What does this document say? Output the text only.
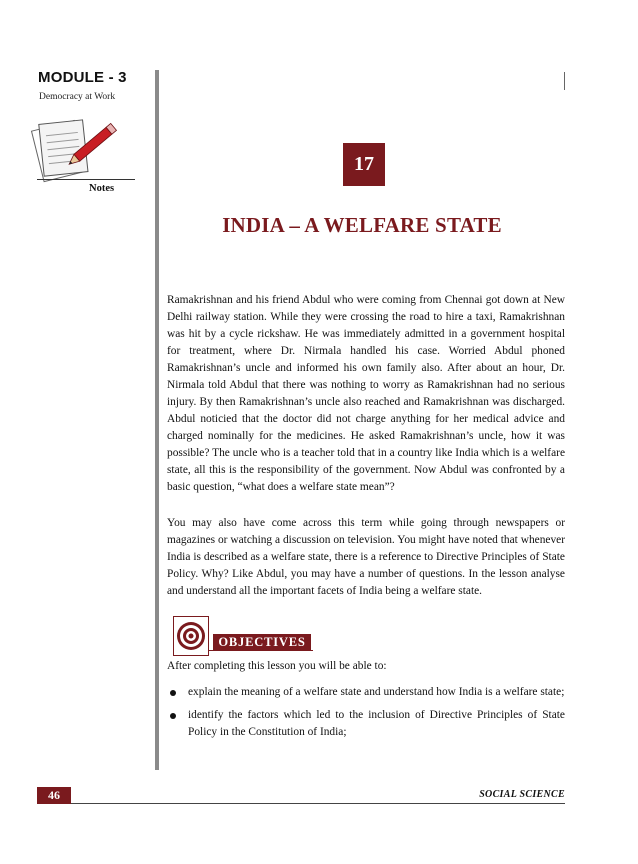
MODULE - 3
Democracy at Work
Notes
17
INDIA – A WELFARE STATE

Ramakrishnan and his friend Abdul who were coming from Chennai got down at New Delhi railway station. While they were crossing the road to hire a taxi, Ramakrishnan was hit by a cycle rickshaw. He was immediately admitted in a government hospital for treatment, where Dr. Nirmala handled his case. Worried Abdul phoned Ramakrishnan’s uncle and informed his own family also. After about an hour, Dr. Nirmala told Abdul that there was nothing to worry as Ramakrishnan had no serious injury. By then Ramakrishnan’s uncle also reached and Ramakrishnan was discharged. Abdul noticied that the doctor did not charge anything for her medical advice and charged nominally for the medicines. He asked Ramakrishnan’s uncle, how it was possible? The uncle who is a teacher told that in a country like India which is a welfare state, all this is the responsibility of the government. Now Abdul was confronted by a basic question, “what does a welfare state mean”?

You may also have come across this term while going through newspapers or magazines or watching a discussion on television. You might have noted that whenever India is described as a welfare state, there is a reference to Directive Principles of State Policy. Why? Like Abdul, you may have a number of questions. In the lesson analyse and understand all the important facets of India being a welfare state.

OBJECTIVES
After completing this lesson you will be able to:
explain the meaning of a welfare state and understand how India is a welfare state;
identify the factors which led to the inclusion of Directive Principles of State Policy in the Constitution of India;
46	SOCIAL SCIENCE
